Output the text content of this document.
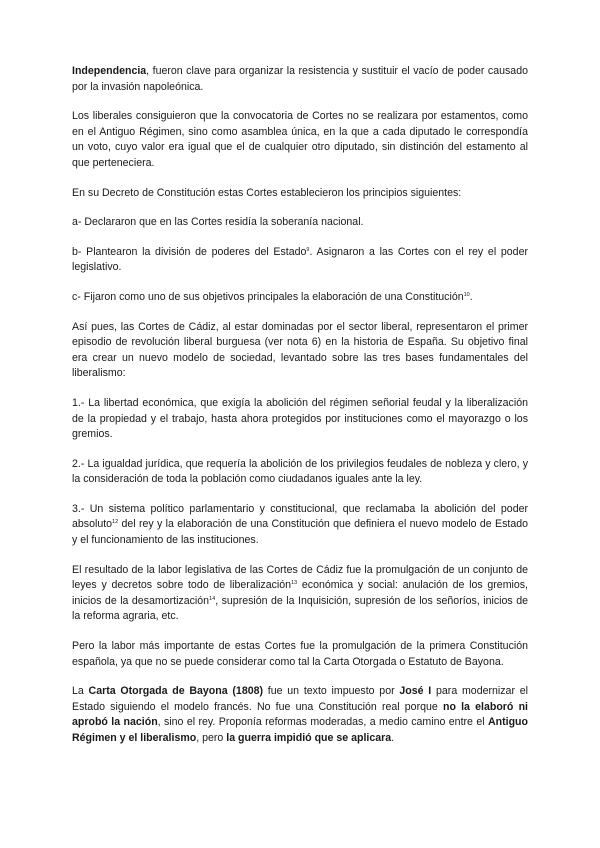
Independencia, fueron clave para organizar la resistencia y sustituir el vacío de poder causado por la invasión napoleónica.

Los liberales consiguieron que la convocatoria de Cortes no se realizara por estamentos, como en el Antiguo Régimen, sino como asamblea única, en la que a cada diputado le correspondía un voto, cuyo valor era igual que el de cualquier otro diputado, sin distinción del estamento al que perteneciera.

En su Decreto de Constitución estas Cortes establecieron los principios siguientes:

a- Declararon que en las Cortes residía la soberanía nacional.

b- Plantearon la división de poderes del Estado$^9$. Asignaron a las Cortes con el rey el poder legislativo.

c- Fijaron como uno de sus objetivos principales la elaboración de una Constitución$^{10}$.

Así pues, las Cortes de Cádiz, al estar dominadas por el sector liberal, representaron el primer episodio de revolución liberal burguesa (ver nota 6) en la historia de España. Su objetivo final era crear un nuevo modelo de sociedad, levantado sobre las tres bases fundamentales del liberalismo:

1.- La libertad económica, que exigía la abolición del régimen señorial feudal y la liberalización de la propiedad y el trabajo, hasta ahora protegidos por instituciones como el mayorazgo o los gremios.

2.- La igualdad jurídica, que requería la abolición de los privilegios feudales de nobleza y clero, y la consideración de toda la población como ciudadanos iguales ante la ley.

3.- Un sistema político parlamentario y constitucional, que reclamaba la abolición del poder absoluto$^{12}$ del rey y la elaboración de una Constitución que definiera el nuevo modelo de Estado y el funcionamiento de las instituciones.

El resultado de la labor legislativa de las Cortes de Cádiz fue la promulgación de un conjunto de leyes y decretos sobre todo de liberalización$^{13}$ económica y social: anulación de los gremios, inicios de la desamortización$^{14}$, supresión de la Inquisición, supresión de los señoríos, inicios de la reforma agraria, etc.

Pero la labor más importante de estas Cortes fue la promulgación de la primera Constitución española, ya que no se puede considerar como tal la Carta Otorgada o Estatuto de Bayona.

La Carta Otorgada de Bayona (1808) fue un texto impuesto por José I para modernizar el Estado siguiendo el modelo francés. No fue una Constitución real porque no la elaboró ni aprobó la nación, sino el rey. Proponía reformas moderadas, a medio camino entre el Antiguo Régimen y el liberalismo, pero la guerra impidió que se aplicara.
